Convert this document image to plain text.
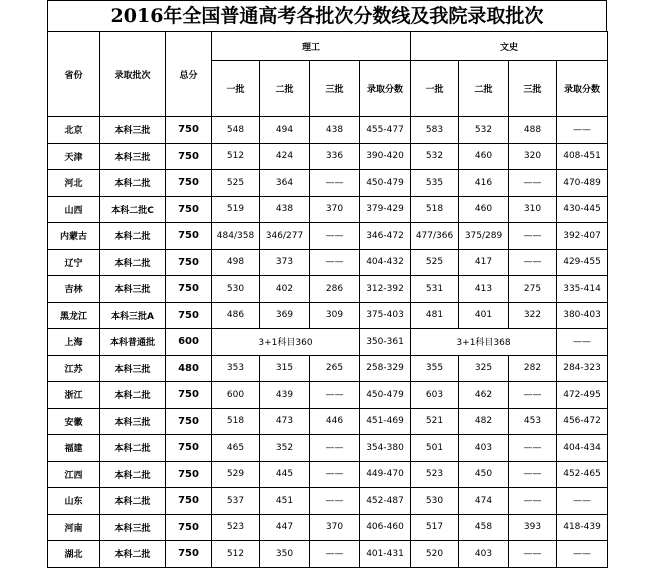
2016年全国普通高考各批次分数线及我院录取批次
省份	录取批次	总分	理工				文史			
			一批	二批	三批	录取分数	一批	二批	三批	录取分数
北京	本科三批	750	548	494	438	455-477	583	532	488	——
天津	本科三批	750	512	424	336	390-420	532	460	320	408-451
河北	本科二批	750	525	364	——	450-479	535	416	——	470-489
山西	本科二批C	750	519	438	370	379-429	518	460	310	430-445
内蒙古	本科二批	750	484/358	346/277	——	346-472	477/366	375/289	——	392-407
辽宁	本科二批	750	498	373	——	404-432	525	417	——	429-455
吉林	本科三批	750	530	402	286	312-392	531	413	275	335-414
黑龙江	本科三批A	750	486	369	309	375-403	481	401	322	380-403
上海	本科普通批	600	3+1科目360			350-361	3+1科目368			——
江苏	本科三批	480	353	315	265	258-329	355	325	282	284-323
浙江	本科二批	750	600	439	——	450-479	603	462	——	472-495
安徽	本科三批	750	518	473	446	451-469	521	482	453	456-472
福建	本科二批	750	465	352	——	354-380	501	403	——	404-434
江西	本科二批	750	529	445	——	449-470	523	450	——	452-465
山东	本科二批	750	537	451	——	452-487	530	474	——	——
河南	本科三批	750	523	447	370	406-460	517	458	393	418-439
湖北	本科二批	750	512	350	——	401-431	520	403	——	——
